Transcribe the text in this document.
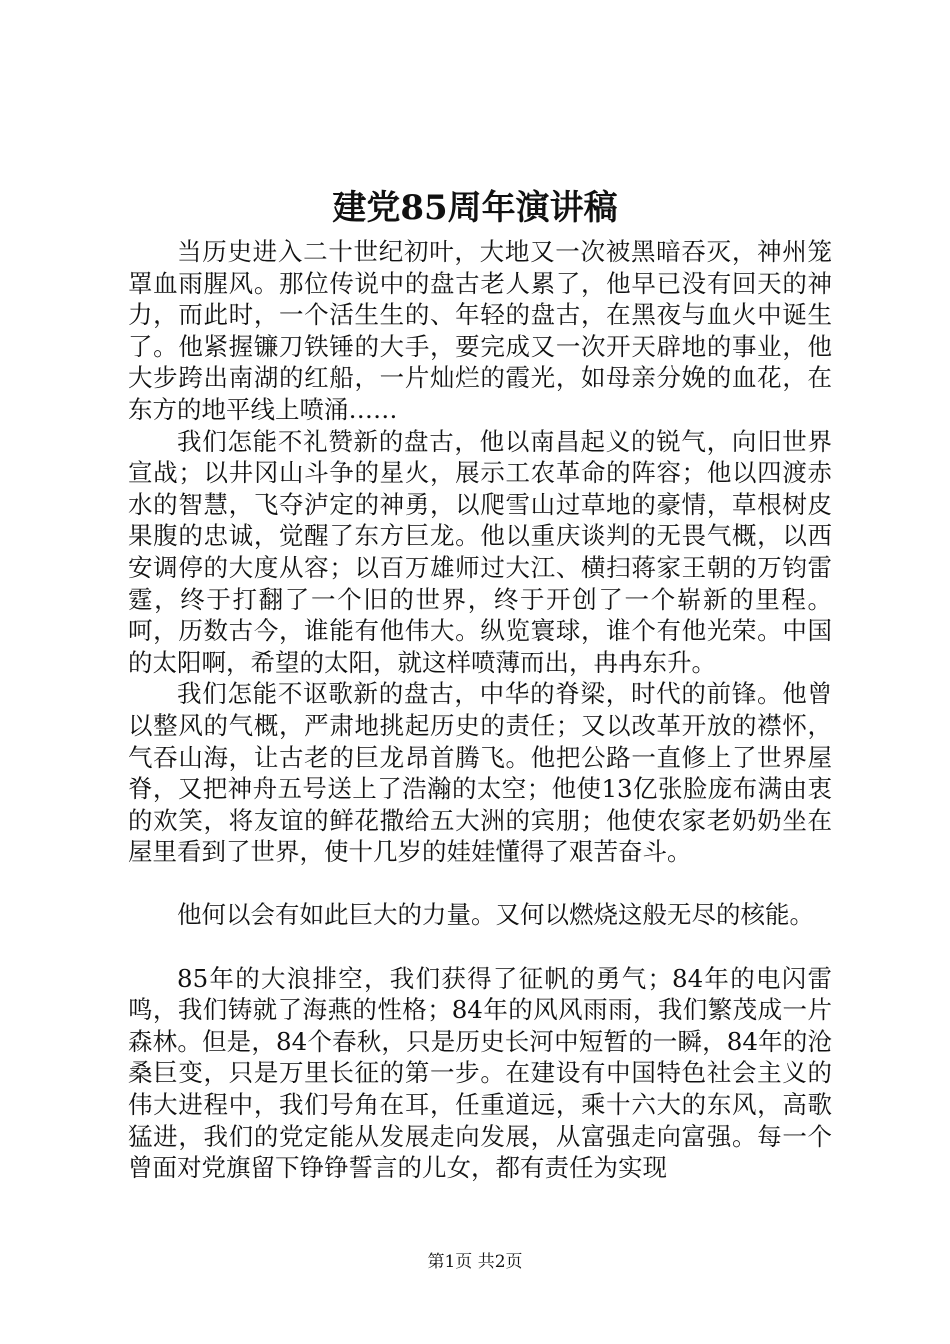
建党85周年演讲稿

当历史进入二十世纪初叶，大地又一次被黑暗吞灭，神州笼罩血雨腥风。那位传说中的盘古老人累了，他早已没有回天的神力，而此时，一个活生生的、年轻的盘古，在黑夜与血火中诞生了。他紧握镰刀铁锤的大手，要完成又一次开天辟地的事业，他大步跨出南湖的红船，一片灿烂的霞光，如母亲分娩的血花，在东方的地平线上喷涌……

我们怎能不礼赞新的盘古，他以南昌起义的锐气，向旧世界宣战；以井冈山斗争的星火，展示工农革命的阵容；他以四渡赤水的智慧，飞夺泸定的神勇，以爬雪山过草地的豪情，草根树皮果腹的忠诚，觉醒了东方巨龙。他以重庆谈判的无畏气概，以西安调停的大度从容；以百万雄师过大江、横扫蒋家王朝的万钧雷霆，终于打翻了一个旧的世界，终于开创了一个崭新的里程。呵，历数古今，谁能有他伟大。纵览寰球，谁个有他光荣。中国的太阳啊，希望的太阳，就这样喷薄而出，冉冉东升。

我们怎能不讴歌新的盘古，中华的脊梁，时代的前锋。他曾以整风的气概，严肃地挑起历史的责任；又以改革开放的襟怀，气吞山海，让古老的巨龙昂首腾飞。他把公路一直修上了世界屋脊，又把神舟五号送上了浩瀚的太空；他使13亿张脸庞布满由衷的欢笑，将友谊的鲜花撒给五大洲的宾朋；他使农家老奶奶坐在屋里看到了世界，使十几岁的娃娃懂得了艰苦奋斗。

他何以会有如此巨大的力量。又何以燃烧这般无尽的核能。

85年的大浪排空，我们获得了征帆的勇气；84年的电闪雷鸣，我们铸就了海燕的性格；84年的风风雨雨，我们繁茂成一片森林。但是，84个春秋，只是历史长河中短暂的一瞬，84年的沧桑巨变，只是万里长征的第一步。在建设有中国特色社会主义的伟大进程中，我们号角在耳，任重道远，乘十六大的东风，高歌猛进，我们的党定能从发展走向发展，从富强走向富强。每一个曾面对党旗留下铮铮誓言的儿女，都有责任为实现

第1页 共2页
